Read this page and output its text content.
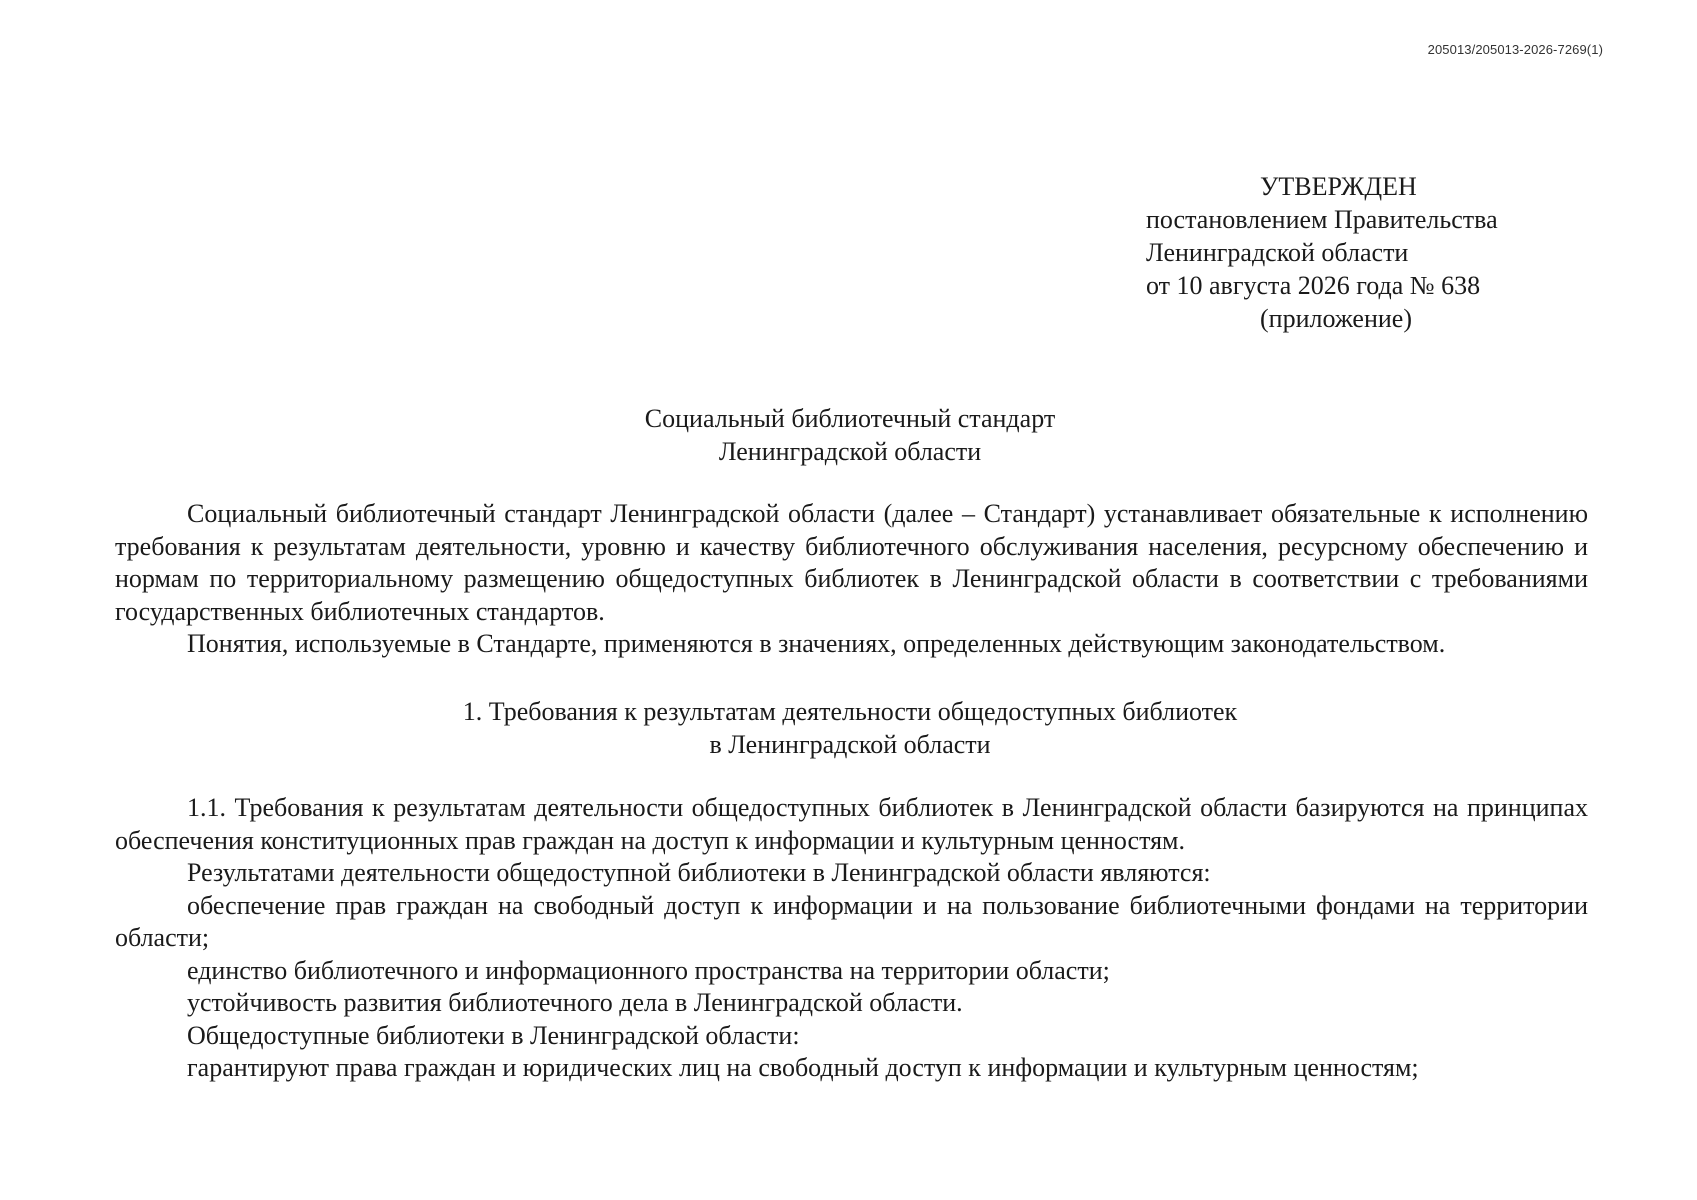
205013/205013-2026-7269(1)
УТВЕРЖДЕН
постановлением Правительства
Ленинградской области
от 10 августа 2026 года № 638
(приложение)
Социальный библиотечный стандарт
Ленинградской области

Социальный библиотечный стандарт Ленинградской области (далее – Стандарт) устанавливает обязательные к исполнению требования к результатам деятельности, уровню и качеству библиотечного обслуживания населения, ресурсному обеспечению и нормам по территориальному размещению общедоступных библиотек в Ленинградской области в соответствии с требованиями государственных библиотечных стандартов.

Понятия, используемые в Стандарте, применяются в значениях, определенных действующим законодательством.

1. Требования к результатам деятельности общедоступных библиотек
в Ленинградской области

1.1. Требования к результатам деятельности общедоступных библиотек в Ленинградской области базируются на принципах обеспечения конституционных прав граждан на доступ к информации и культурным ценностям.

Результатами деятельности общедоступной библиотеки в Ленинградской области являются:

обеспечение прав граждан на свободный доступ к информации и на пользование библиотечными фондами на территории области;

единство библиотечного и информационного пространства на территории области;

устойчивость развития библиотечного дела в Ленинградской области.

Общедоступные библиотеки в Ленинградской области:

гарантируют права граждан и юридических лиц на свободный доступ к информации и культурным ценностям;
